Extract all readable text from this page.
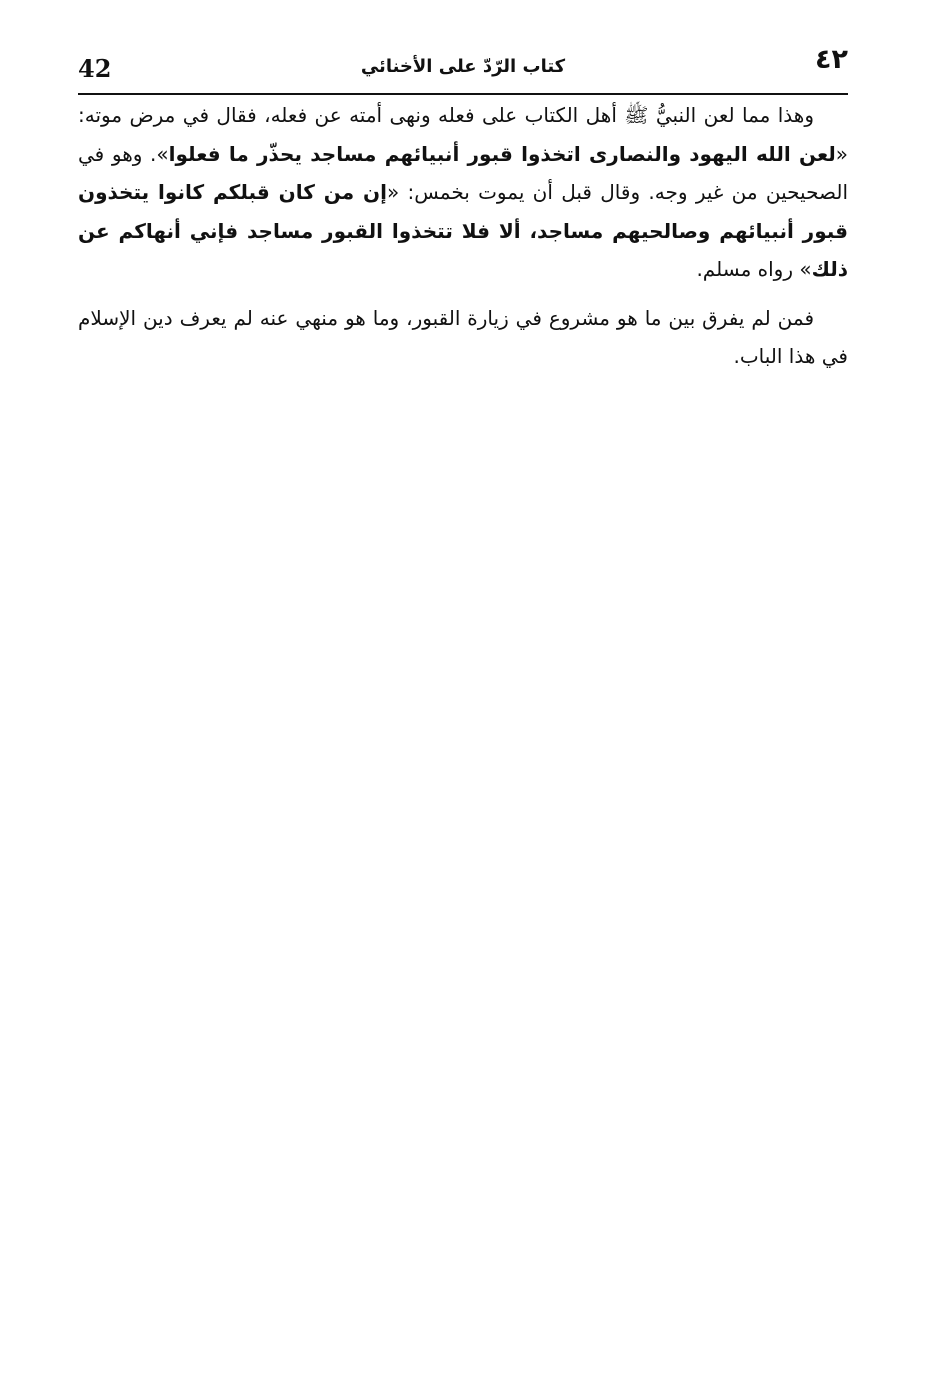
42	كتاب الرّدّ على الأخنائي	٤٢

وهذا مما لعن النبيُّ ﷺ أهل الكتاب على فعله ونهى أمته عن فعله، فقال في مرض موته: «لعن الله اليهود والنصارى اتخذوا قبور أنبيائهم مساجد يحذّر ما فعلوا». وهو في الصحيحين من غير وجه. وقال قبل أن يموت بخمس: «إن من كان قبلكم كانوا يتخذون قبور أنبيائهم وصالحيهم مساجد، ألا فلا تتخذوا القبور مساجد فإني أنهاكم عن ذلك» رواه مسلم.

فمن لم يفرق بين ما هو مشروع في زيارة القبور، وما هو منهي عنه لم يعرف دين الإسلام في هذا الباب.
